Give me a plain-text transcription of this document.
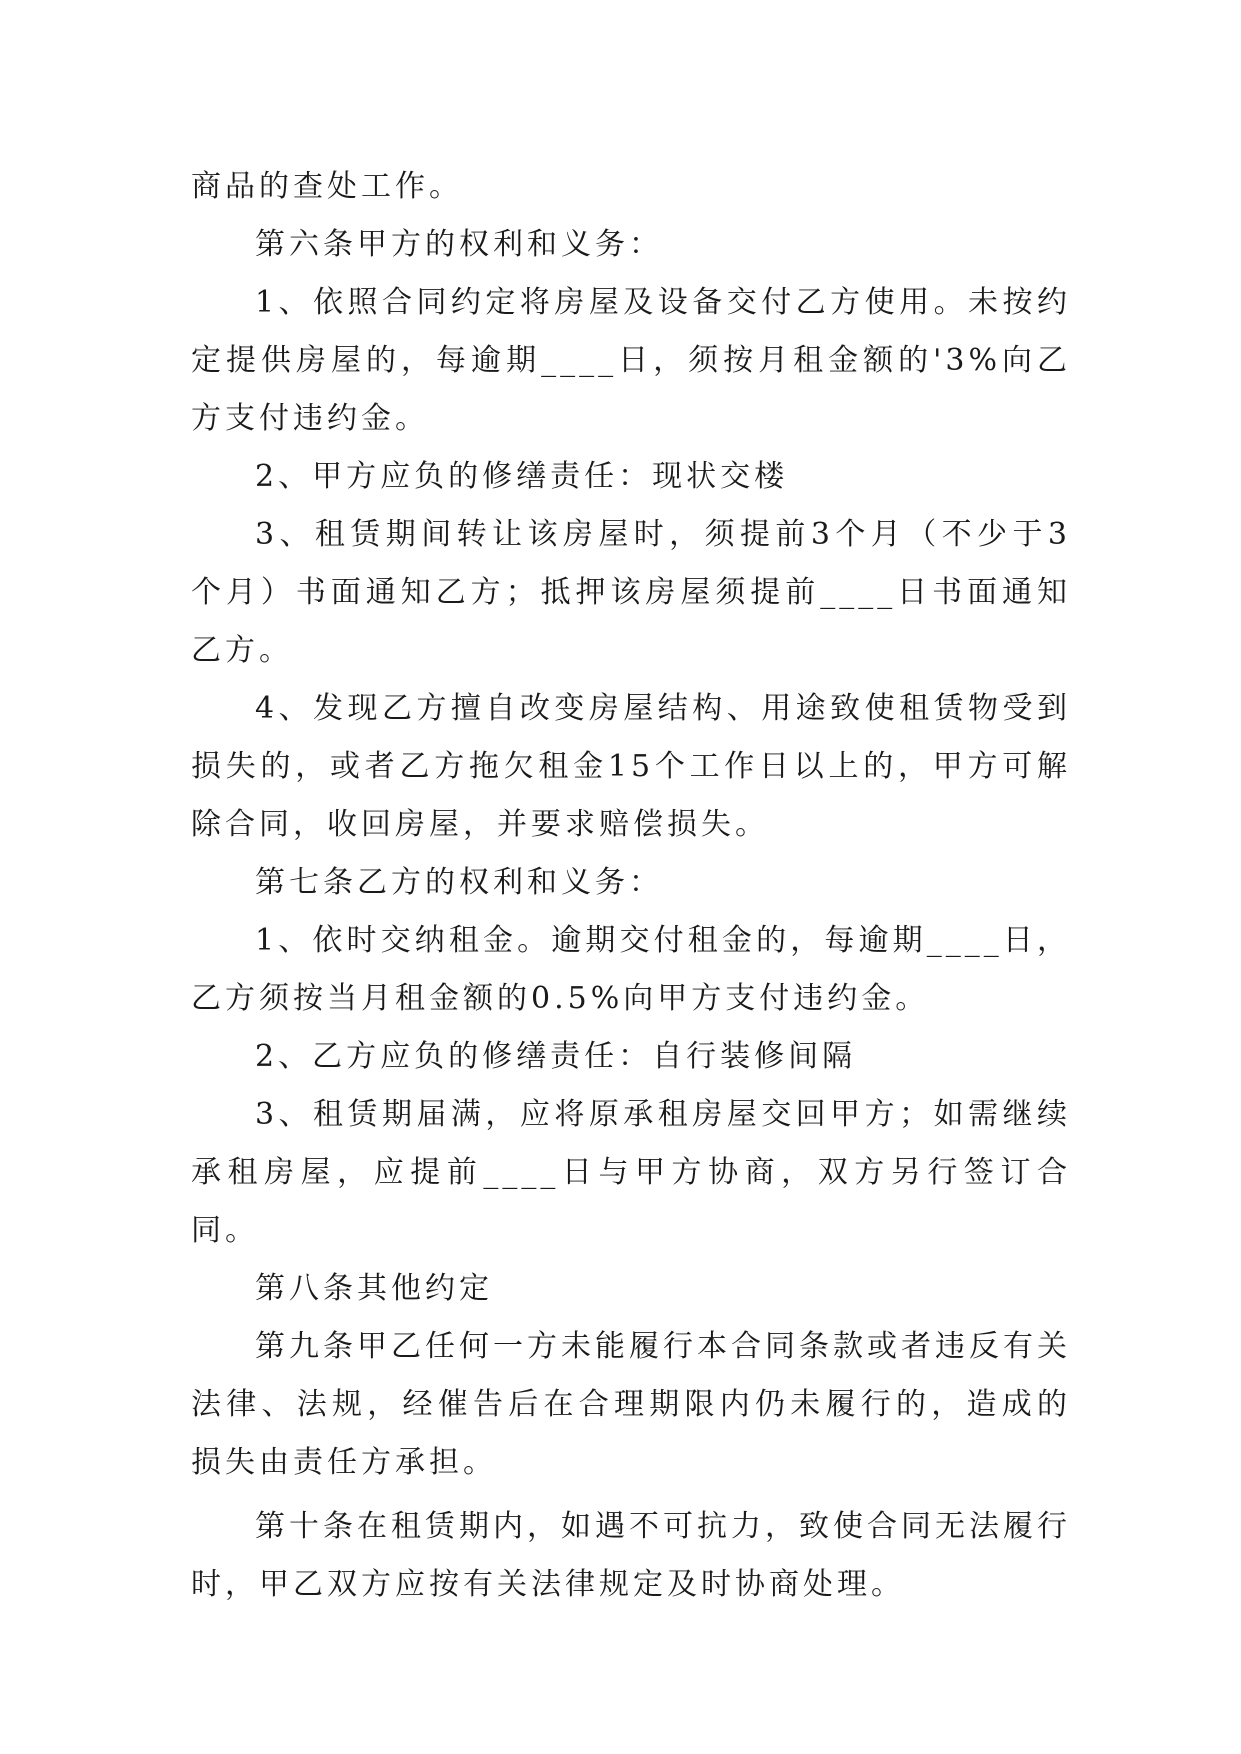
商品的查处工作。

第六条甲方的权利和义务：

1、依照合同约定将房屋及设备交付乙方使用。未按约定提供房屋的，每逾期____日，须按月租金额的'3%向乙方支付违约金。

2、甲方应负的修缮责任：现状交楼

3、租赁期间转让该房屋时，须提前3个月（不少于3个月）书面通知乙方；抵押该房屋须提前____日书面通知乙方。

4、发现乙方擅自改变房屋结构、用途致使租赁物受到损失的，或者乙方拖欠租金15个工作日以上的，甲方可解除合同，收回房屋，并要求赔偿损失。

第七条乙方的权利和义务：

1、依时交纳租金。逾期交付租金的，每逾期____日，乙方须按当月租金额的0.5%向甲方支付违约金。

2、乙方应负的修缮责任：自行装修间隔

3、租赁期届满，应将原承租房屋交回甲方；如需继续承租房屋，应提前____日与甲方协商，双方另行签订合同。

第八条其他约定

第九条甲乙任何一方未能履行本合同条款或者违反有关法律、法规，经催告后在合理期限内仍未履行的，造成的损失由责任方承担。

第十条在租赁期内，如遇不可抗力，致使合同无法履行时，甲乙双方应按有关法律规定及时协商处理。
